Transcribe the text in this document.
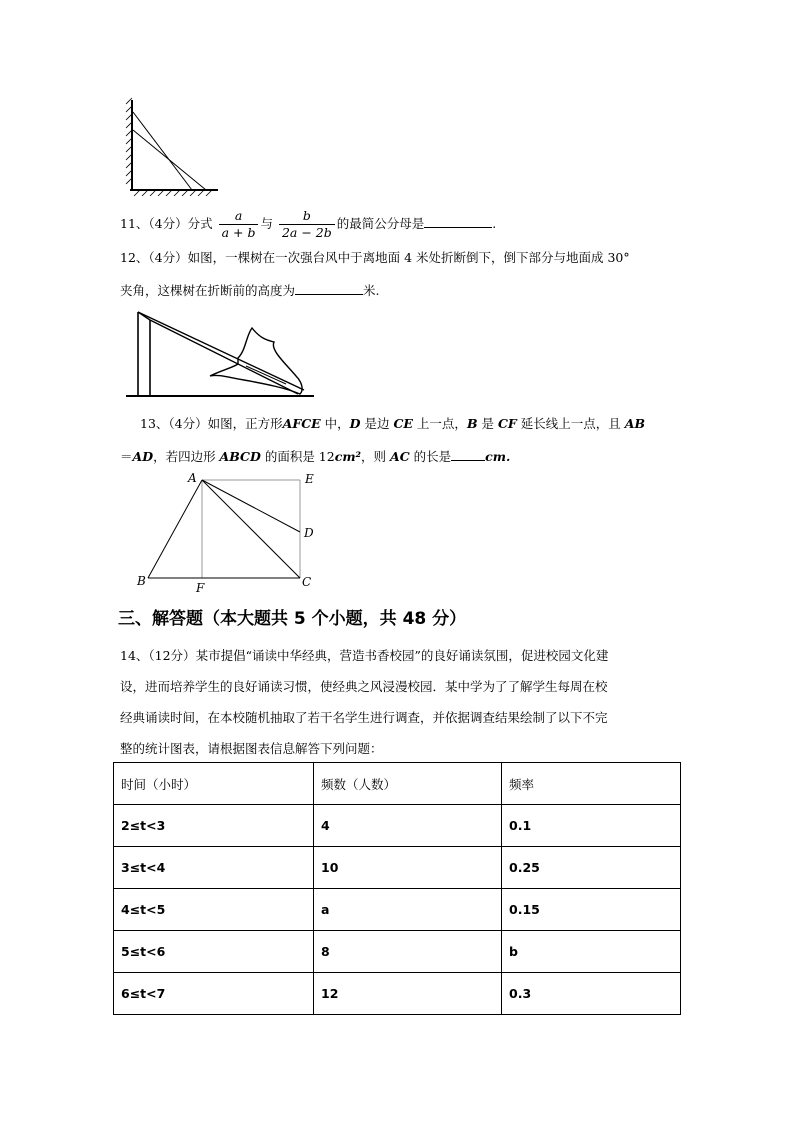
11、（4分）分式 $\frac{a}{a + b}$ 与 $\frac{b}{2a - 2b}$ 的最简公分母是	.
12、（4分）如图，一棵树在一次强台风中于离地面 4 米处折断倒下，倒下部分与地面成 30°
夹角，这棵树在折断前的高度为	米.
13、（4分）如图，正方形AFCE 中，D 是边 CE 上一点，B 是 CF 延长线上一点，且 AB
＝AD，若四边形 ABCD 的面积是 12cm²，则 AC 的长是	cm.
A	E
D
B	F	C
三、解答题（本大题共 5 个小题，共 48 分）
14、（12分）某市提倡“诵读中华经典，营造书香校园”的良好诵读氛围，促进校园文化建
设，进而培养学生的良好诵读习惯，使经典之风浸漫校园．某中学为了了解学生每周在校
经典诵读时间，在本校随机抽取了若干名学生进行调查，并依据调查结果绘制了以下不完
整的统计图表，请根据图表信息解答下列问题：
时间（小时）	频数（人数）	频率
2≤t<3	4	0.1
3≤t<4	10	0.25
4≤t<5	a	0.15
5≤t<6	8	b
6≤t<7	12	0.3
